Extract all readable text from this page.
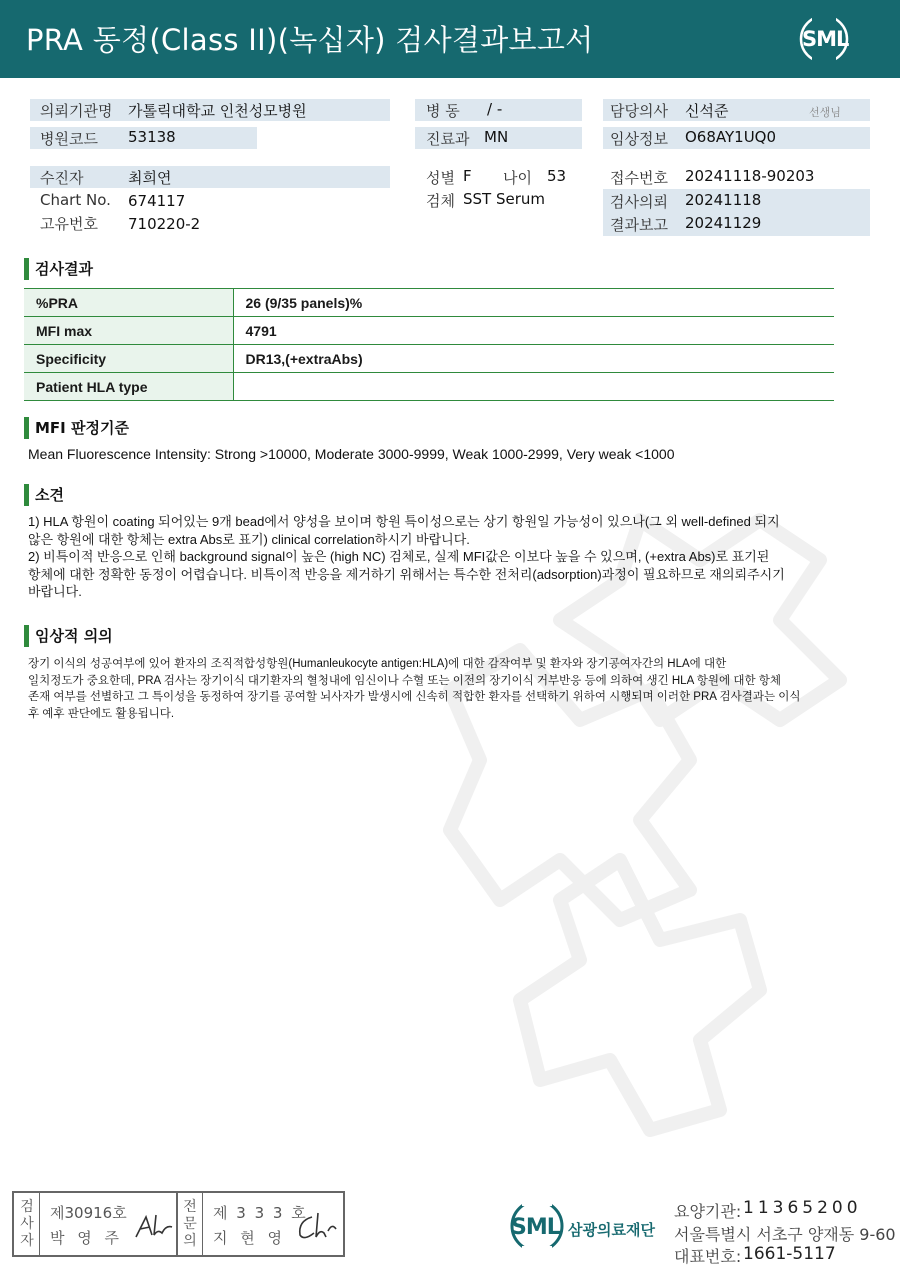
PRA 동정(Class II)(녹십자) 검사결과보고서	SML
의뢰기관명 가톨릭대학교 인천성모병원
병원코드 53138
병 동 / -
진료과 MN
담당의사 신석준	선생님
임상정보 O68AY1UQ0
수진자	최희연
Chart No. 674117
고유번호 710220-2
성별 F 나이 53
검체 SST Serum
접수번호 20241118-90203
검사의뢰 20241118
결과보고 20241129
검사결과
%PRA	26 (9/35 panels)%
MFI max	4791
Specificity	DR13,(+extraAbs)
Patient HLA type	
MFI 판정기준
Mean Fluorescence Intensity: Strong >10000, Moderate 3000-9999, Weak 1000-2999, Very weak <1000
소견
1) HLA 항원이 coating 되어있는 9개 bead에서 양성을 보이며 항원 특이성으로는 상기 항원일 가능성이 있으나(그 외 well-defined 되지
않은 항원에 대한 항체는 extra Abs로 표기) clinical correlation하시기 바랍니다.
2) 비특이적 반응으로 인해 background signal이 높은 (high NC) 검체로, 실제 MFI값은 이보다 높을 수 있으며, (+extra Abs)로 표기된
항체에 대한 정확한 동정이 어렵습니다. 비특이적 반응을 제거하기 위해서는 특수한 전처리(adsorption)과정이 필요하므로 재의뢰주시기
바랍니다.
임상적 의의
장기 이식의 성공여부에 있어 환자의 조직적합성항원(Humanleukocyte antigen:HLA)에 대한 감작여부 및 환자와 장기공여자간의 HLA에 대한
일치정도가 중요한데, PRA 검사는 장기이식 대기환자의 혈청내에 임신이나 수혈 또는 이전의 장기이식 거부반응 등에 의하여 생긴 HLA 항원에 대한 항체
존재 여부를 선별하고 그 특이성을 동정하여 장기를 공여할 뇌사자가 발생시에 신속히 적합한 환자를 선택하기 위하여 시행되며 이러한 PRA 검사결과는 이식
후 예후 판단에도 활용됩니다.
검
사
자
제30916호
박 영 주
전
문
의
제 3 3 3 호
지 현 영	SML 삼광의료재단
요양기관: 11365200
서울특별시 서초구 양재동 9-60
대표번호: 1661-5117
